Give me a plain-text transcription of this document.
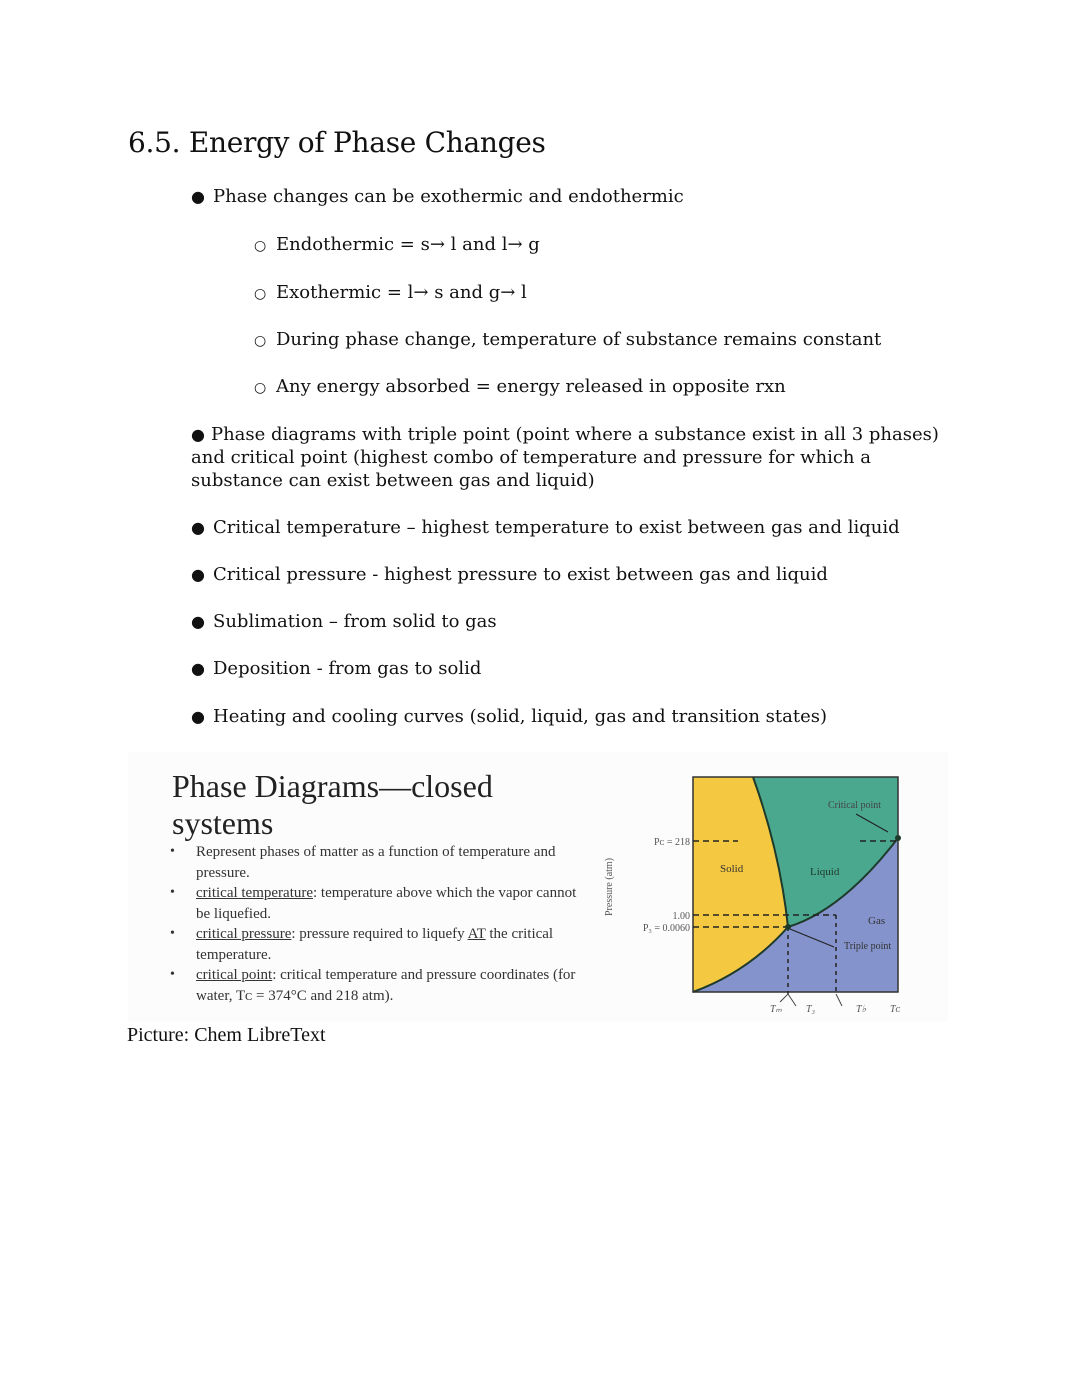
6.5. Energy of Phase Changes
● Phase changes can be exothermic and endothermic
○ Endothermic = s→ l and l→ g
○ Exothermic = l→ s and g→ l
○ During phase change, temperature of substance remains constant
○ Any energy absorbed = energy released in opposite rxn
● Phase diagrams with triple point (point where a substance exist in all 3 phases) and critical point (highest combo of temperature and pressure for which a substance can exist between gas and liquid)
● Critical temperature – highest temperature to exist between gas and liquid
● Critical pressure - highest pressure to exist between gas and liquid
● Sublimation – from solid to gas
● Deposition - from gas to solid
● Heating and cooling curves (solid, liquid, gas and transition states)
Phase Diagrams—closed
systems
• Represent phases of matter as a function of temperature and pressure.
• critical temperature: temperature above which the vapor cannot be liquefied.
• critical pressure: pressure required to liquefy AT the critical temperature.
• critical point: critical temperature and pressure coordinates (for water, Tᴄ = 374°C and 218 atm).
Solid	Liquid
Gas
Critical point
Triple point
Pᴄ = 218
1.00
P₃ = 0.0060
Pressure (atm)
Tₘ T₃	T♭ Tᴄ
Picture: Chem LibreText
